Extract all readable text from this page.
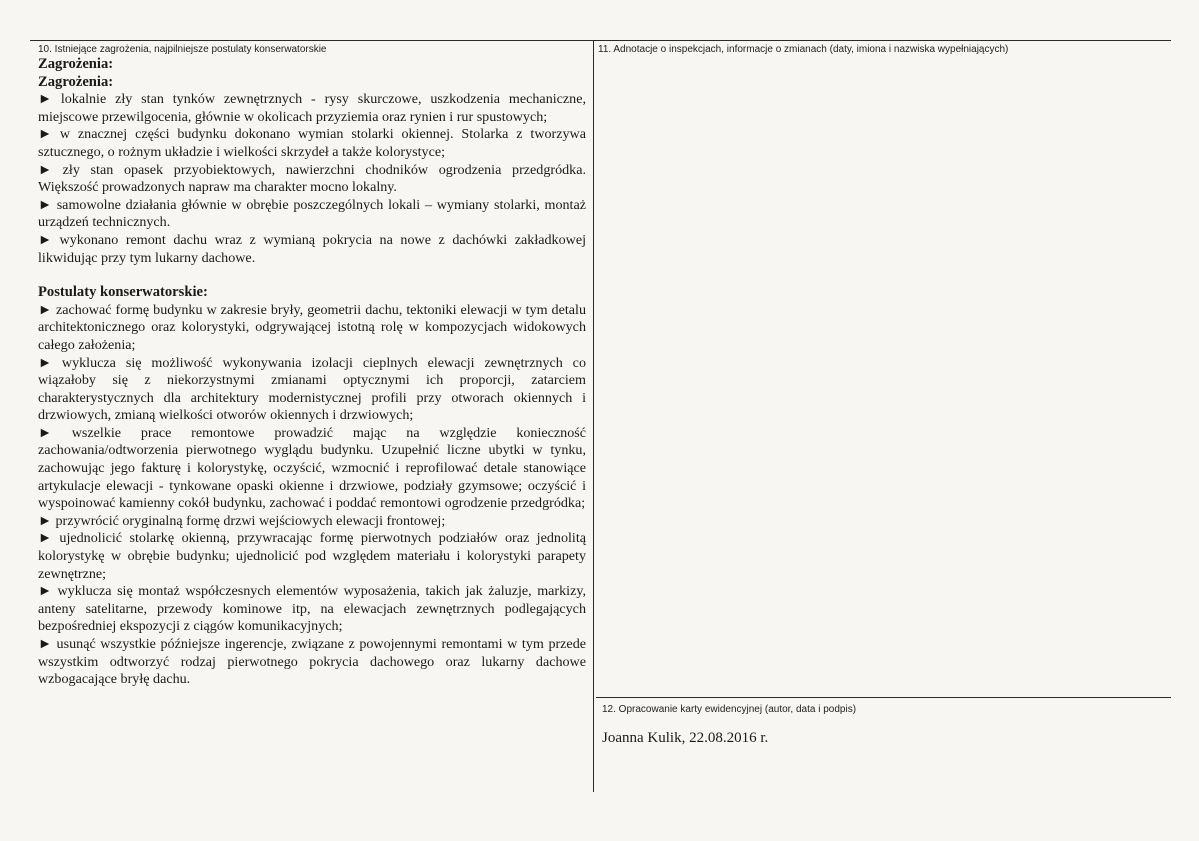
10. Istniejące zagrożenia, najpilniejsze postulaty konserwatorskie	11. Adnotacje o inspekcjach, informacje o zmianach (daty, imiona i nazwiska wypełniających)
12. Opracowanie karty ewidencyjnej (autor, data i podpis)

Zagrożenia:

Zagrożenia:

► lokalnie zły stan tynków zewnętrznych - rysy skurczowe, uszkodzenia mechaniczne, miejscowe przewilgocenia, głównie w okolicach przyziemia oraz rynien i rur spustowych;

► w znacznej części budynku dokonano wymian stolarki okiennej. Stolarka z tworzywa sztucznego, o rożnym układzie i wielkości skrzydeł a także kolorystyce;

► zły stan opasek przyobiektowych, nawierzchni chodników ogrodzenia przedgródka. Większość prowadzonych napraw ma charakter mocno lokalny.

► samowolne działania głównie w obrębie poszczególnych lokali – wymiany stolarki, montaż urządzeń technicznych.

► wykonano remont dachu wraz z wymianą pokrycia na nowe z dachówki zakładkowej likwidując przy tym lukarny dachowe.

Postulaty konserwatorskie:

► zachować formę budynku w zakresie bryły, geometrii dachu, tektoniki elewacji w tym detalu architektonicznego oraz kolorystyki, odgrywającej istotną rolę w kompozycjach widokowych całego założenia;

► wyklucza się możliwość wykonywania izolacji cieplnych elewacji zewnętrznych co wiązałoby się z niekorzystnymi zmianami optycznymi ich proporcji, zatarciem charakterystycznych dla architektury modernistycznej profili przy otworach okiennych i drzwiowych, zmianą wielkości otworów okiennych i drzwiowych;

► wszelkie prace remontowe prowadzić mając na względzie konieczność zachowania/odtworzenia pierwotnego wyglądu budynku. Uzupełnić liczne ubytki w tynku, zachowując jego fakturę i kolorystykę, oczyścić, wzmocnić i reprofilować detale stanowiące artykulacje elewacji - tynkowane opaski okienne i drzwiowe, podziały gzymsowe; oczyścić i wyspoinować kamienny cokół budynku, zachować i poddać remontowi ogrodzenie przedgródka;

► przywrócić oryginalną formę drzwi wejściowych elewacji frontowej;

► ujednolicić stolarkę okienną, przywracając formę pierwotnych podziałów oraz jednolitą kolorystykę w obrębie budynku; ujednolicić pod względem materiału i kolorystyki parapety zewnętrzne;

► wyklucza się montaż współczesnych elementów wyposażenia, takich jak żaluzje, markizy, anteny satelitarne, przewody kominowe itp, na elewacjach zewnętrznych podlegających bezpośredniej ekspozycji z ciągów komunikacyjnych;

► usunąć wszystkie późniejsze ingerencje, związane z powojennymi remontami w tym przede wszystkim odtworzyć rodzaj pierwotnego pokrycia dachowego oraz lukarny dachowe wzbogacające bryłę dachu.

Joanna Kulik, 22.08.2016 r.
